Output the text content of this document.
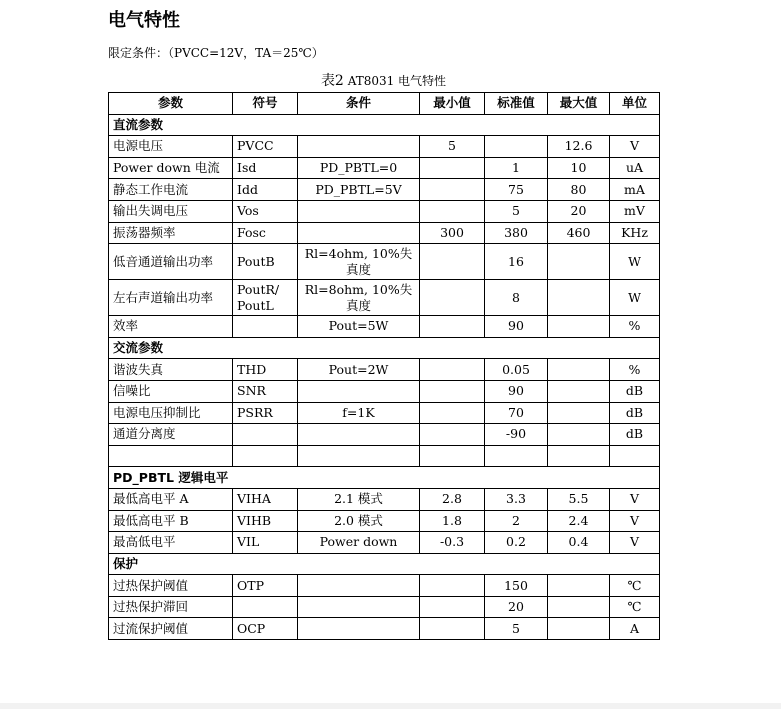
电气特性
限定条件：（PVCC=12V，TA＝25℃）
表2 AT8031 电气特性
参数	符号	条件	最小值	标准值	最大值	单位
直流参数						
电源电压	PVCC		5		12.6	V
Power down 电流	Isd	PD_PBTL=0		1	10	uA
静态工作电流	Idd	PD_PBTL=5V		75	80	mA
输出失调电压	Vos			5	20	mV
振荡器频率	Fosc		300	380	460	KHz
低音通道输出功率	PoutB	Rl=4ohm, 10%失真度		16		W
左右声道输出功率	PoutR/ PoutL	Rl=8ohm, 10%失真度		8		W
效率		Pout=5W		90		%
交流参数						
谐波失真	THD	Pout=2W		0.05		%
信噪比	SNR			90		dB
电源电压抑制比	PSRR	f=1K		70		dB
通道分离度				-90		dB

PD_PBTL 逻辑电平						
最低高电平 A	VIHA	2.1 模式	2.8	3.3	5.5	V
最低高电平 B	VIHB	2.0 模式	1.8	2	2.4	V
最高低电平	VIL	Power down	-0.3	0.2	0.4	V
保护						
过热保护阈值	OTP			150		℃
过热保护滞回				20		℃
过流保护阈值	OCP			5		A
